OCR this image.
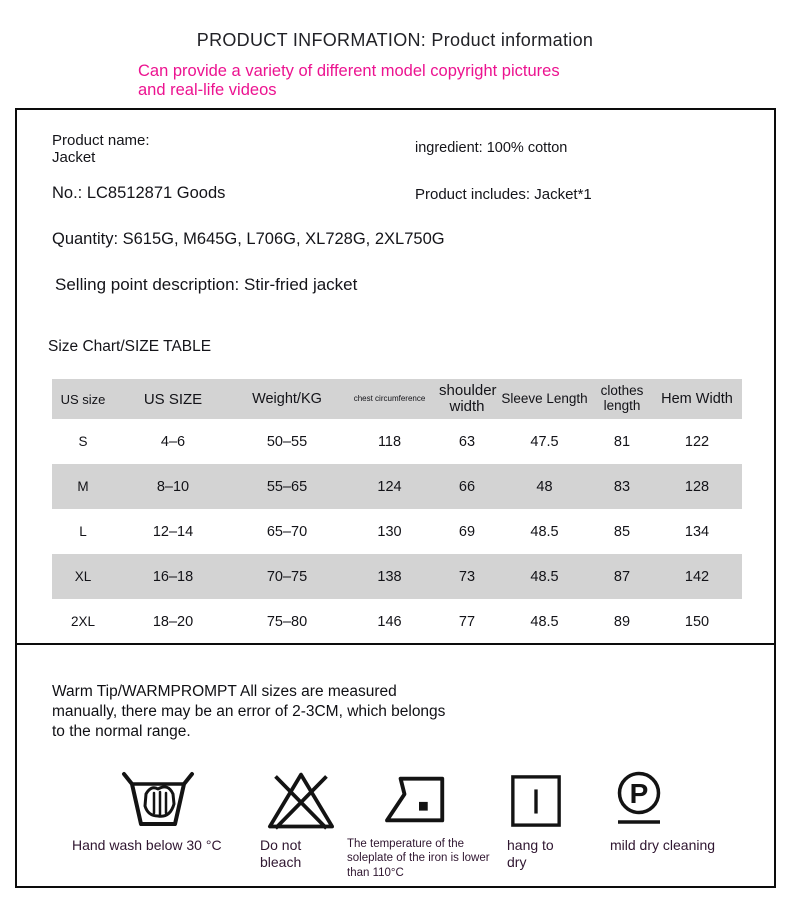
PRODUCT INFORMATION: Product information
Can provide a variety of different model copyright pictures and real-life videos
Product name:
Jacket
ingredient: 100% cotton
No.: LC8512871 Goods	Product includes: Jacket*1
Quantity: S615G, M645G, L706G, XL728G, 2XL750G
Selling point description: Stir-fried jacket
Size Chart/SIZE TABLE
US size	US SIZE	Weight/KG	chest circumference	shoulder width	Sleeve Length	clothes length	Hem Width
S	4–6	50–55	118	63	47.5	81	122
M	8–10	55–65	124	66	48	83	128
L	12–14	65–70	130	69	48.5	85	134
XL	16–18	70–75	138	73	48.5	87	142
2XL	18–20	75–80	146	77	48.5	89	150
Warm Tip/WARMPROMPT All sizes are measured manually, there may be an error of 2-3CM, which belongs to the normal range.
P
Hand wash below 30 °C	Do not bleach
The temperature of the soleplate of the iron is lower than 110°C
hang to dry
mild dry cleaning
